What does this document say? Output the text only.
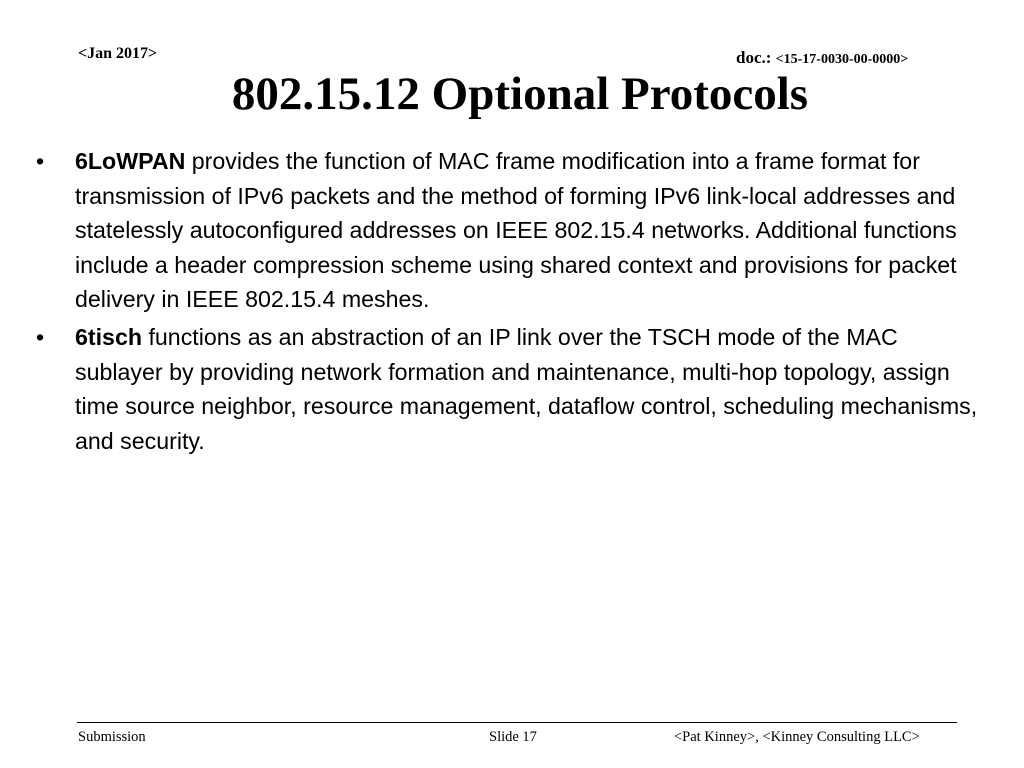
<Jan 2017>	doc.: <15-17-0030-00-0000>
802.15.12 Optional Protocols
• 6LoWPAN provides the function of MAC frame modification into a frame format for transmission of IPv6 packets and the method of forming IPv6 link-local addresses and statelessly autoconfigured addresses on IEEE 802.15.4 networks. Additional functions include a header compression scheme using shared context and provisions for packet delivery in IEEE 802.15.4 meshes.
• 6tisch functions as an abstraction of an IP link over the TSCH mode of the MAC sublayer by providing network formation and maintenance, multi-hop topology, assign time source neighbor, resource management, dataflow control, scheduling mechanisms, and security.
Submission	Slide 17	<Pat Kinney>, <Kinney Consulting LLC>
